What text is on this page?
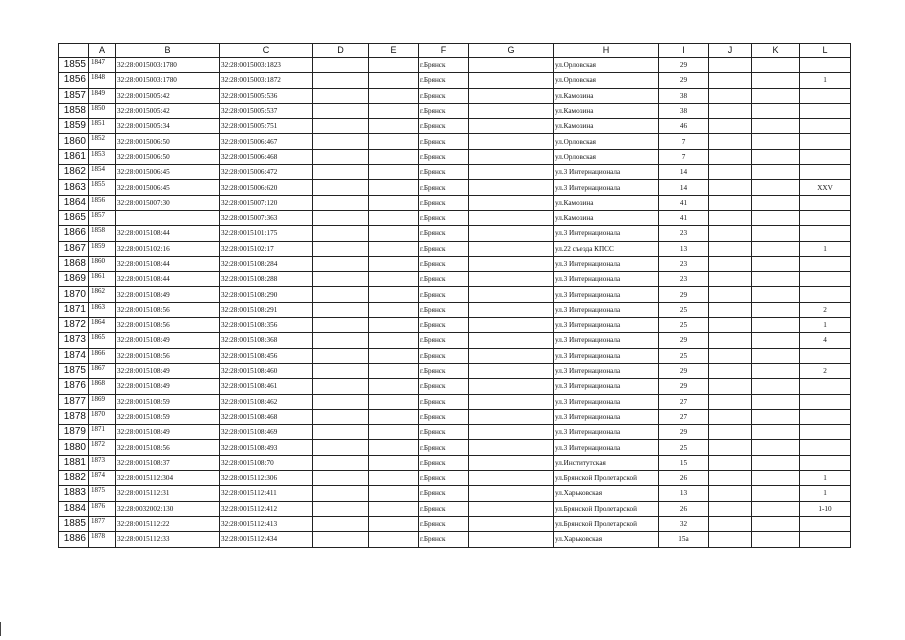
	A	B	C	D	E	F	G	H	I	J	K	L
1855	1847	32:28:0015003:1780	32:28:0015003:1823			г.Брянск		ул.Орловская	29			
1856	1848	32:28:0015003:1780	32:28:0015003:1872			г.Брянск		ул.Орловская	29			1
1857	1849	32:28:0015005:42	32:28:0015005:536			г.Брянск		ул.Камозина	38			
1858	1850	32:28:0015005:42	32:28:0015005:537			г.Брянск		ул.Камозина	38			
1859	1851	32:28:0015005:34	32:28:0015005:751			г.Брянск		ул.Камозина	46			
1860	1852	32:28:0015006:50	32:28:0015006:467			г.Брянск		ул.Орловская	7			
1861	1853	32:28:0015006:50	32:28:0015006:468			г.Брянск		ул.Орловская	7			
1862	1854	32:28:0015006:45	32:28:0015006:472			г.Брянск		ул.3 Интернационала	14			
1863	1855	32:28:0015006:45	32:28:0015006:620			г.Брянск		ул.3 Интернационала	14			XXV
1864	1856	32:28:0015007:30	32:28:0015007:120			г.Брянск		ул.Камозина	41			
1865	1857		32:28:0015007:363			г.Брянск		ул.Камозина	41			
1866	1858	32:28:0015108:44	32:28:0015101:175			г.Брянск		ул.3 Интернационала	23			
1867	1859	32:28:0015102:16	32:28:0015102:17			г.Брянск		ул.22 съезда КПСС	13			1
1868	1860	32:28:0015108:44	32:28:0015108:284			г.Брянск		ул.3 Интернационала	23			
1869	1861	32:28:0015108:44	32:28:0015108:288			г.Брянск		ул.3 Интернационала	23			
1870	1862	32:28:0015108:49	32:28:0015108:290			г.Брянск		ул.3 Интернационала	29			
1871	1863	32:28:0015108:56	32:28:0015108:291			г.Брянск		ул.3 Интернационала	25			2
1872	1864	32:28:0015108:56	32:28:0015108:356			г.Брянск		ул.3 Интернационала	25			1
1873	1865	32:28:0015108:49	32:28:0015108:368			г.Брянск		ул.3 Интернационала	29			4
1874	1866	32:28:0015108:56	32:28:0015108:456			г.Брянск		ул.3 Интернационала	25			
1875	1867	32:28:0015108:49	32:28:0015108:460			г.Брянск		ул.3 Интернационала	29			2
1876	1868	32:28:0015108:49	32:28:0015108:461			г.Брянск		ул.3 Интернационала	29			
1877	1869	32:28:0015108:59	32:28:0015108:462			г.Брянск		ул.3 Интернационала	27			
1878	1870	32:28:0015108:59	32:28:0015108:468			г.Брянск		ул.3 Интернационала	27			
1879	1871	32:28:0015108:49	32:28:0015108:469			г.Брянск		ул.3 Интернационала	29			
1880	1872	32:28:0015108:56	32:28:0015108:493			г.Брянск		ул.3 Интернационала	25			
1881	1873	32:28:0015108:37	32:28:0015108:70			г.Брянск		ул.Институтская	15			
1882	1874	32:28:0015112:304	32:28:0015112:306			г.Брянск		ул.Брянской Пролетарской	26			1
1883	1875	32:28:0015112:31	32:28:0015112:411			г.Брянск		ул.Харьковская	13			1
1884	1876	32:28:0032002:130	32:28:0015112:412			г.Брянск		ул.Брянской Пролетарской	26			1-10
1885	1877	32:28:0015112:22	32:28:0015112:413			г.Брянск		ул.Брянской Пролетарской	32			
1886	1878	32:28:0015112:33	32:28:0015112:434			г.Брянск		ул.Харьковская	15а			
